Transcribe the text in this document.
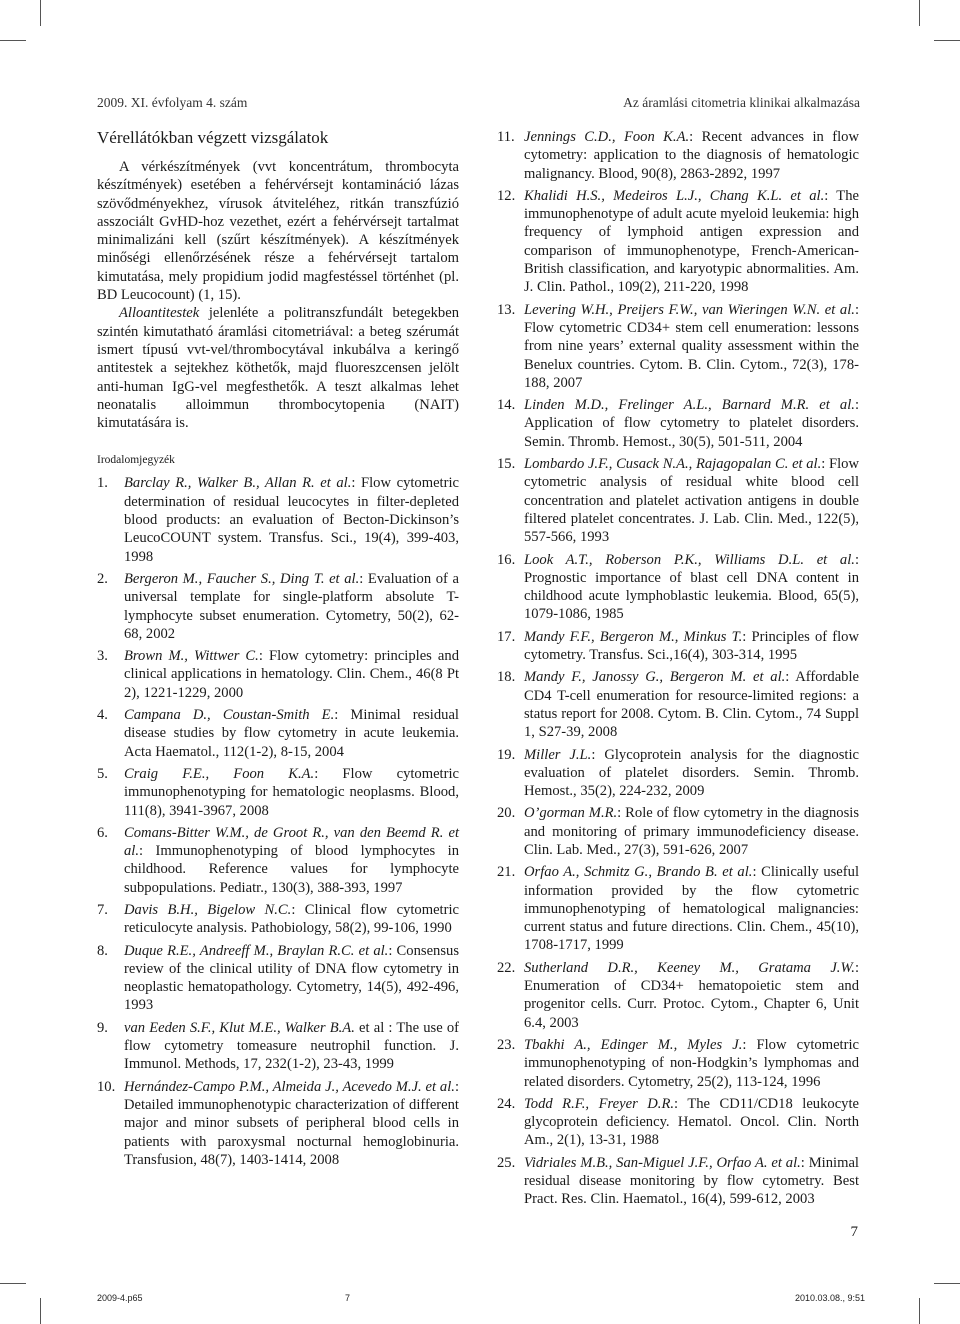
2009. XI. évfolyam 4. szám	Az áramlási citometria klinikai alkalmazása
Vérellátókban végzett vizsgálatok

A vérkészítmények (vvt koncentrátum, thrombocyta készítmények) esetében a fehérvérsejt kontamináció lázas szövődményekhez, vírusok átviteléhez, ritkán transzfúzió asszociált GvHD-hoz vezethet, ezért a fehérvérsejt tartalmat minimalizáni kell (szűrt készítmények). A készítmények minőségi ellenőrzésének része a fehérvérsejt tartalom kimutatása, mely propidium jodid magfestéssel történhet (pl. BD Leucocount) (1, 15).

Alloantitestek jelenléte a politranszfundált betegekben szintén kimutatható áramlási citometriával: a beteg szérumát ismert típusú vvt-vel/thrombocytával inkubálva a keringő antitestek a sejtekhez köthetők, majd fluoreszcensen jelölt anti-human IgG-vel megfesthetők. A teszt alkalmas lehet neonatalis alloimmun thrombocytopenia (NAIT) kimutatására is.

Irodalomjegyzék
1. Barclay R., Walker B., Allan R. et al.: Flow cytometric determination of residual leucocytes in filter-depleted blood products: an evaluation of Becton-Dickinson’s LeucoCOUNT system. Transfus. Sci., 19(4), 399-403, 1998
2. Bergeron M., Faucher S., Ding T. et al.: Evaluation of a universal template for single-platform absolute T-lymphocyte subset enumeration. Cytometry, 50(2), 62-68, 2002
3. Brown M., Wittwer C.: Flow cytometry: principles and clinical applications in hematology. Clin. Chem., 46(8 Pt 2), 1221-1229, 2000
4. Campana D., Coustan-Smith E.: Minimal residual disease studies by flow cytometry in acute leukemia. Acta Haematol., 112(1-2), 8-15, 2004
5. Craig F.E., Foon K.A.: Flow cytometric immunophenotyping for hematologic neoplasms. Blood, 111(8), 3941-3967, 2008
6. Comans-Bitter W.M., de Groot R., van den Beemd R. et al.: Immunophenotyping of blood lymphocytes in childhood. Reference values for lymphocyte subpopulations. Pediatr., 130(3), 388-393, 1997
7. Davis B.H., Bigelow N.C.: Clinical flow cytometric reticulocyte analysis. Pathobiology, 58(2), 99-106, 1990
8. Duque R.E., Andreeff M., Braylan R.C. et al.: Consensus review of the clinical utility of DNA flow cytometry in neoplastic hematopathology. Cytometry, 14(5), 492-496, 1993
9. van Eeden S.F., Klut M.E., Walker B.A. et al : The use of flow cytometry tomeasure neutrophil function. J. Immunol. Methods, 17, 232(1-2), 23-43, 1999
10. Hernández-Campo P.M., Almeida J., Acevedo M.J. et al.: Detailed immunophenotypic characterization of different major and minor subsets of peripheral blood cells in patients with paroxysmal nocturnal hemoglobinuria. Transfusion, 48(7), 1403-1414, 2008
11. Jennings C.D., Foon K.A.: Recent advances in flow cytometry: application to the diagnosis of hematologic malignancy. Blood, 90(8), 2863-2892, 1997
12. Khalidi H.S., Medeiros L.J., Chang K.L. et al.: The immunophenotype of adult acute myeloid leukemia: high frequency of lymphoid antigen expression and comparison of immunophenotype, French-American-British classification, and karyotypic abnormalities. Am. J. Clin. Pathol., 109(2), 211-220, 1998
13. Levering W.H., Preijers F.W., van Wieringen W.N. et al.: Flow cytometric CD34+ stem cell enumeration: lessons from nine years’ external quality assessment within the Benelux countries. Cytom. B. Clin. Cytom., 72(3), 178-188, 2007
14. Linden M.D., Frelinger A.L., Barnard M.R. et al.: Application of flow cytometry to platelet disorders. Semin. Thromb. Hemost., 30(5), 501-511, 2004
15. Lombardo J.F., Cusack N.A., Rajagopalan C. et al.: Flow cytometric analysis of residual white blood cell concentration and platelet activation antigens in double filtered platelet concentrates. J. Lab. Clin. Med., 122(5), 557-566, 1993
16. Look A.T., Roberson P.K., Williams D.L. et al.: Prognostic importance of blast cell DNA content in childhood acute lymphoblastic leukemia. Blood, 65(5), 1079-1086, 1985
17. Mandy F.F., Bergeron M., Minkus T.: Principles of flow cytometry. Transfus. Sci.,16(4), 303-314, 1995
18. Mandy F., Janossy G., Bergeron M. et al.: Affordable CD4 T-cell enumeration for resource-limited regions: a status report for 2008. Cytom. B. Clin. Cytom., 74 Suppl 1, S27-39, 2008
19. Miller J.L.: Glycoprotein analysis for the diagnostic evaluation of platelet disorders. Semin. Thromb. Hemost., 35(2), 224-232, 2009
20. O’gorman M.R.: Role of flow cytometry in the diagnosis and monitoring of primary immunodeficiency disease. Clin. Lab. Med., 27(3), 591-626, 2007
21. Orfao A., Schmitz G., Brando B. et al.: Clinically useful information provided by the flow cytometric immunophenotyping of hematological malignancies: current status and future directions. Clin. Chem., 45(10), 1708-1717, 1999
22. Sutherland D.R., Keeney M., Gratama J.W.: Enumeration of CD34+ hematopoietic stem and progenitor cells. Curr. Protoc. Cytom., Chapter 6, Unit 6.4, 2003
23. Tbakhi A., Edinger M., Myles J.: Flow cytometric immunophenotyping of non-Hodgkin’s lymphomas and related disorders. Cytometry, 25(2), 113-124, 1996
24. Todd R.F., Freyer D.R.: The CD11/CD18 leukocyte glycoprotein deficiency. Hematol. Oncol. Clin. North Am., 2(1), 13-31, 1988
25. Vidriales M.B., San-Miguel J.F., Orfao A. et al.: Minimal residual disease monitoring by flow cytometry. Best Pract. Res. Clin. Haematol., 16(4), 599-612, 2003
7
2009-4.p65	7	2010.03.08., 9:51
